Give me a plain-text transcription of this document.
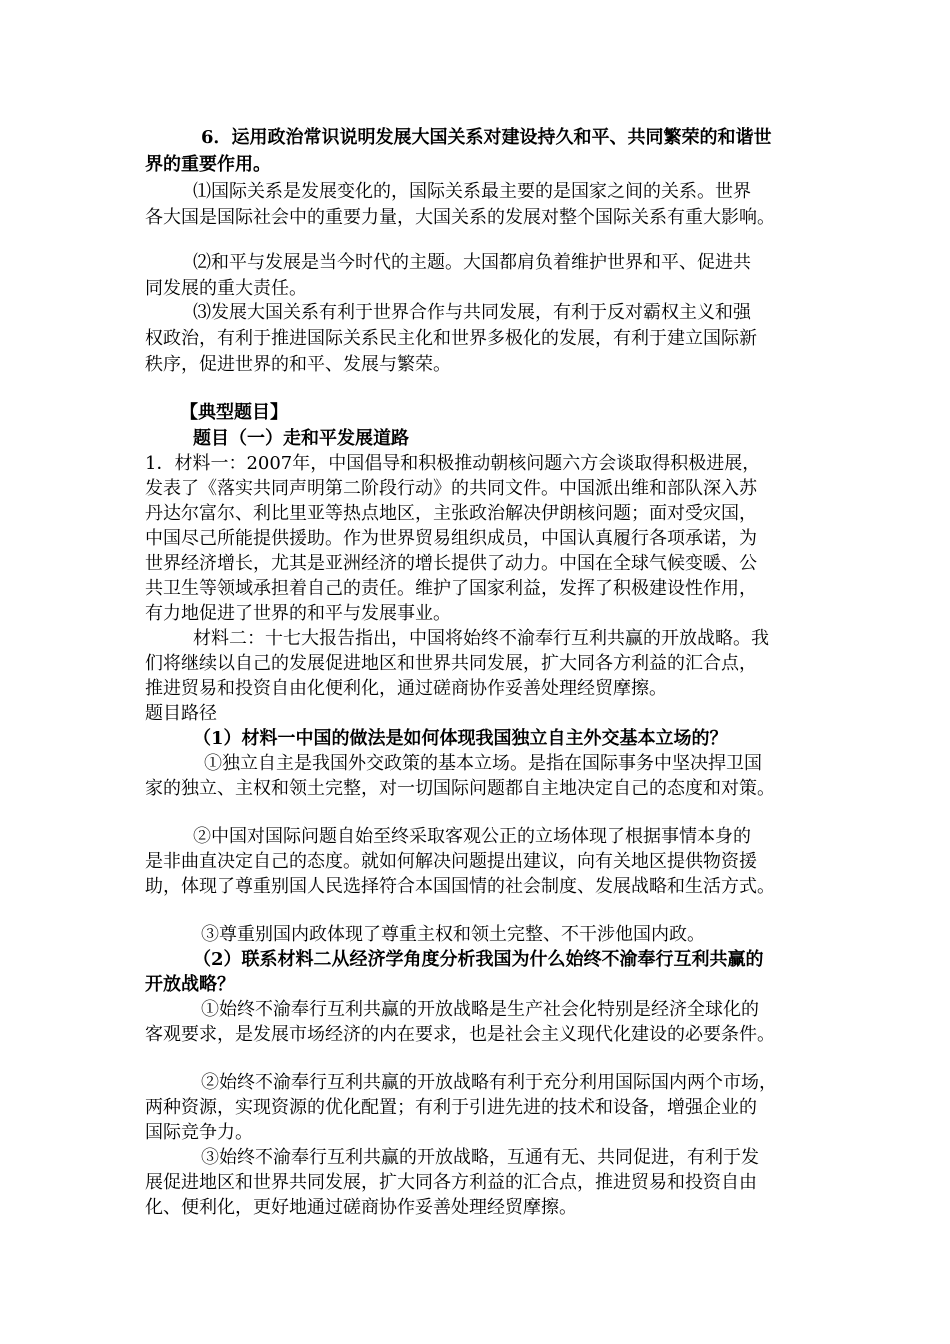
6．运用政治常识说明发展大国关系对建设持久和平、共同繁荣的和谐世
界的重要作用。
⑴国际关系是发展变化的，国际关系最主要的是国家之间的关系。世界
各大国是国际社会中的重要力量，大国关系的发展对整个国际关系有重大影响。
⑵和平与发展是当今时代的主题。大国都肩负着维护世界和平、促进共
同发展的重大责任。
⑶发展大国关系有利于世界合作与共同发展，有利于反对霸权主义和强
权政治，有利于推进国际关系民主化和世界多极化的发展，有利于建立国际新
秩序，促进世界的和平、发展与繁荣。
【典型题目】
题目（一）走和平发展道路
1．材料一：2007年，中国倡导和积极推动朝核问题六方会谈取得积极进展，
发表了《落实共同声明第二阶段行动》的共同文件。中国派出维和部队深入苏
丹达尔富尔、利比里亚等热点地区，主张政治解决伊朗核问题；面对受灾国，
中国尽己所能提供援助。作为世界贸易组织成员，中国认真履行各项承诺，为
世界经济增长，尤其是亚洲经济的增长提供了动力。中国在全球气候变暖、公
共卫生等领域承担着自己的责任。维护了国家利益，发挥了积极建设性作用，
有力地促进了世界的和平与发展事业。
材料二：十七大报告指出，中国将始终不渝奉行互利共赢的开放战略。我
们将继续以自己的发展促进地区和世界共同发展，扩大同各方利益的汇合点，
推进贸易和投资自由化便利化，通过磋商协作妥善处理经贸摩擦。
题目路径
（1）材料一中国的做法是如何体现我国独立自主外交基本立场的？
①独立自主是我国外交政策的基本立场。是指在国际事务中坚决捍卫国
家的独立、主权和领土完整，对一切国际问题都自主地决定自己的态度和对策。
②中国对国际问题自始至终采取客观公正的立场体现了根据事情本身的
是非曲直决定自己的态度。就如何解决问题提出建议，向有关地区提供物资援
助，体现了尊重别国人民选择符合本国国情的社会制度、发展战略和生活方式。
③尊重别国内政体现了尊重主权和领土完整、不干涉他国内政。
（2）联系材料二从经济学角度分析我国为什么始终不渝奉行互利共赢的
开放战略？
①始终不渝奉行互利共赢的开放战略是生产社会化特别是经济全球化的
客观要求，是发展市场经济的内在要求，也是社会主义现代化建设的必要条件。
②始终不渝奉行互利共赢的开放战略有利于充分利用国际国内两个市场，
两种资源，实现资源的优化配置；有利于引进先进的技术和设备，增强企业的
国际竞争力。
③始终不渝奉行互利共赢的开放战略，互通有无、共同促进，有利于发
展促进地区和世界共同发展，扩大同各方利益的汇合点，推进贸易和投资自由
化、便利化，更好地通过磋商协作妥善处理经贸摩擦。
